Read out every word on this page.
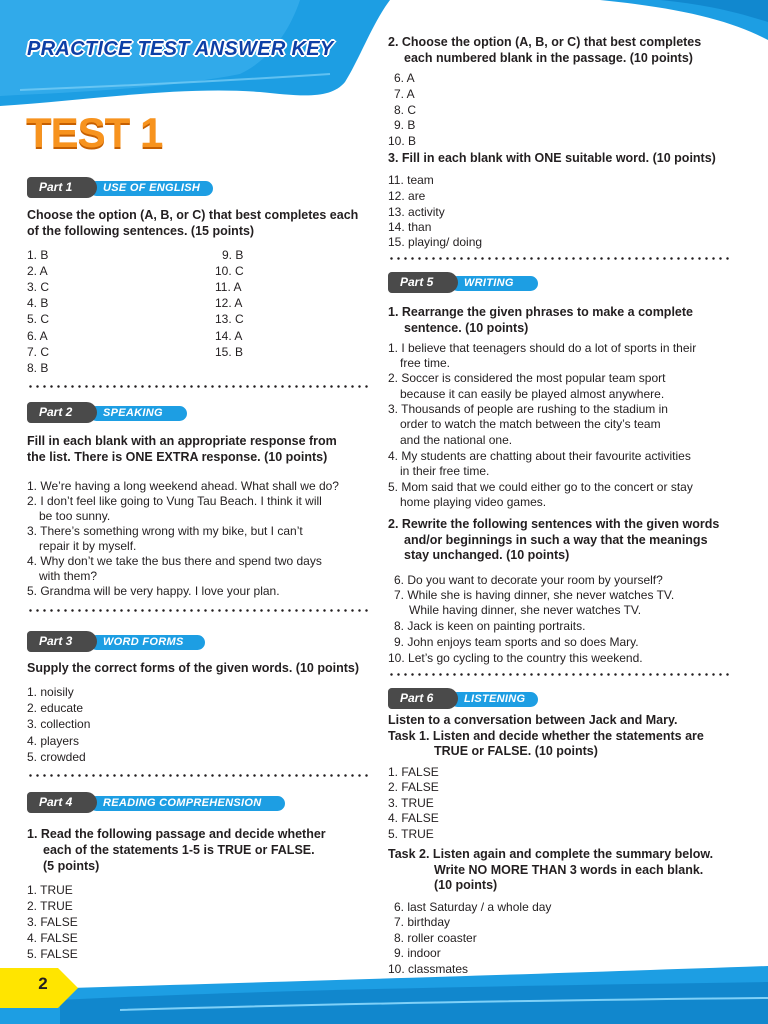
2
PRACTICE TEST ANSWER KEY
TEST 1
USE OF ENGLISH
Part 1
Choose the option (A, B, or C) that best completes each
of the following sentences. (15 points)
1. B
2. A
3. C
4. B
5. C
6. A
7. C
8. B
9. B
10. C
11. A
12. A
13. C
14. A
15. B
SPEAKING
Part 2
Fill in each blank with an appropriate response from
the list. There is ONE EXTRA response. (10 points)
1. We’re having a long weekend ahead. What shall we do?
2. I don’t feel like going to Vung Tau Beach. I think it will
be too sunny.
3. There’s something wrong with my bike, but I can’t
repair it by myself.
4. Why don’t we take the bus there and spend two days
with them?
5. Grandma will be very happy. I love your plan.
WORD FORMS
Part 3
Supply the correct forms of the given words. (10 points)
1. noisily
2. educate
3. collection
4. players
5. crowded
READING COMPREHENSION
Part 4
1. Read the following passage and decide whether
each of the statements 1-5 is TRUE or FALSE.
(5 points)
1. TRUE
2. TRUE
3. FALSE
4. FALSE
5. FALSE
2. Choose the option (A, B, or C) that best completes
each numbered blank in the passage. (10 points)
6. A
7. A
8. C
9. B
10. B
3. Fill in each blank with ONE suitable word. (10 points)
11. team
12. are
13. activity
14. than
15. playing/ doing
WRITING
Part 5
1. Rearrange the given phrases to make a complete
sentence. (10 points)
1. I believe that teenagers should do a lot of sports in their
free time.
2. Soccer is considered the most popular team sport
because it can easily be played almost anywhere.
3. Thousands of people are rushing to the stadium in
order to watch the match between the city’s team
and the national one.
4. My students are chatting about their favourite activities
in their free time.
5. Mom said that we could either go to the concert or stay
home playing video games.
2. Rewrite the following sentences with the given words
and/or beginnings in such a way that the meanings
stay unchanged. (10 points)
6. Do you want to decorate your room by yourself?
7. While she is having dinner, she never watches TV.
While having dinner, she never watches TV.
8. Jack is keen on painting portraits.
9. John enjoys team sports and so does Mary.
10. Let’s go cycling to the country this weekend.
LISTENING
Part 6
Listen to a conversation between Jack and Mary.
Task 1. Listen and decide whether the statements are
TRUE or FALSE. (10 points)
1. FALSE
2. FALSE
3. TRUE
4. FALSE
5. TRUE
Task 2. Listen again and complete the summary below.
Write NO MORE THAN 3 words in each blank.
(10 points)
6. last Saturday / a whole day
7. birthday
8. roller coaster
9. indoor
10. classmates
